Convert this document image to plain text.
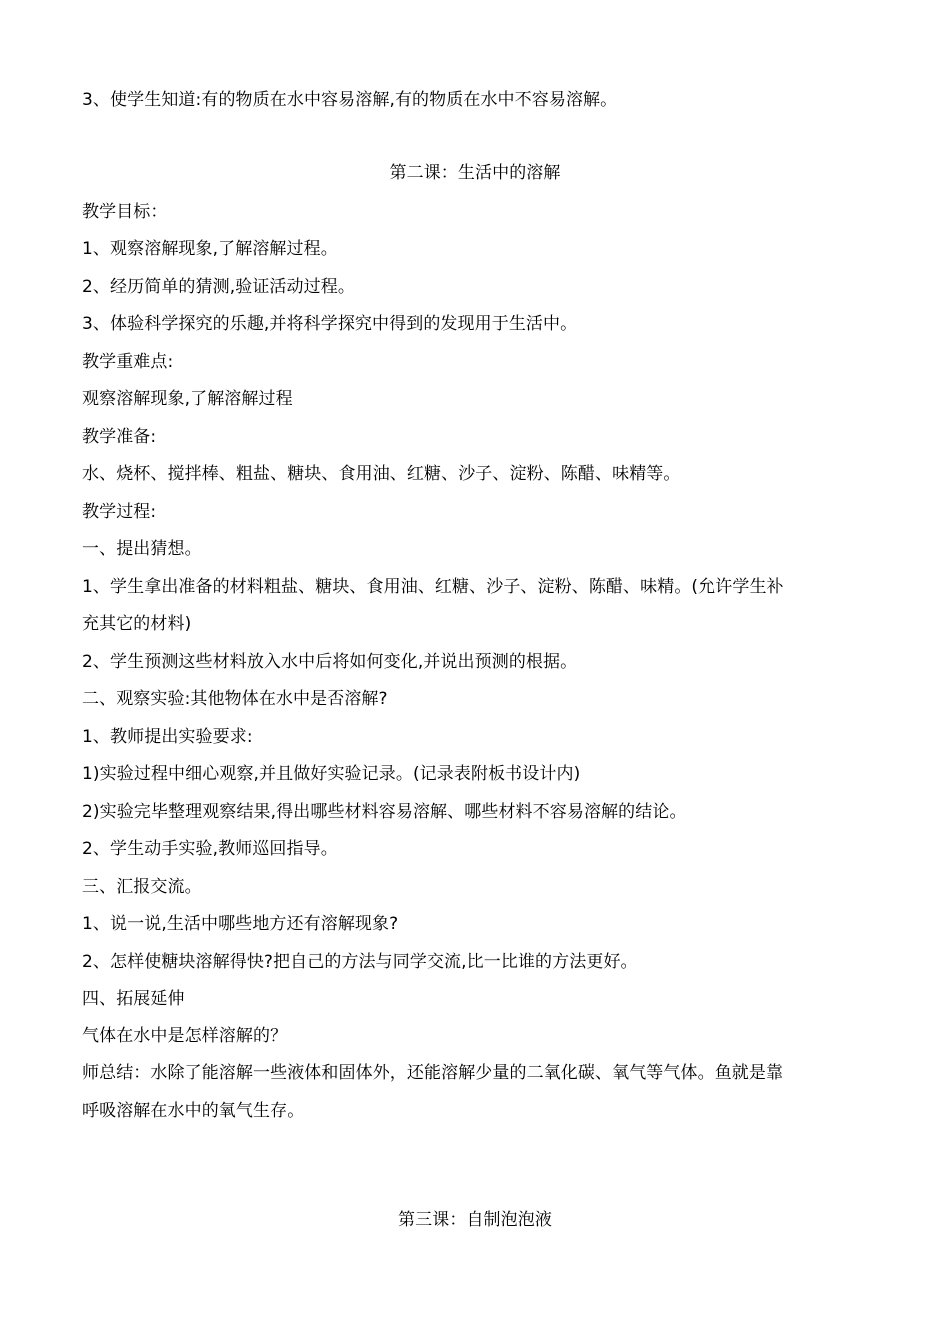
3、使学生知道:有的物质在水中容易溶解,有的物质在水中不容易溶解。
第二课：生活中的溶解
教学目标：
1、观察溶解现象,了解溶解过程。
2、经历简单的猜测,验证活动过程。
3、体验科学探究的乐趣,并将科学探究中得到的发现用于生活中。
教学重难点:
观察溶解现象,了解溶解过程
教学准备:
水、烧杯、搅拌棒、粗盐、糖块、食用油、红糖、沙子、淀粉、陈醋、味精等。
教学过程:
一、提出猜想。
1、学生拿出准备的材料粗盐、糖块、食用油、红糖、沙子、淀粉、陈醋、味精。(允许学生补
充其它的材料)
2、学生预测这些材料放入水中后将如何变化,并说出预测的根据。
二、观察实验:其他物体在水中是否溶解?
1、教师提出实验要求:
1)实验过程中细心观察,并且做好实验记录。(记录表附板书设计内)
2)实验完毕整理观察结果,得出哪些材料容易溶解、哪些材料不容易溶解的结论。
2、学生动手实验,教师巡回指导。
三、汇报交流。
1、说一说,生活中哪些地方还有溶解现象?
2、怎样使糖块溶解得快?把自己的方法与同学交流,比一比谁的方法更好。
四、拓展延伸
气体在水中是怎样溶解的？
师总结：水除了能溶解一些液体和固体外，还能溶解少量的二氧化碳、氧气等气体。鱼就是靠
呼吸溶解在水中的氧气生存。
第三课：自制泡泡液
